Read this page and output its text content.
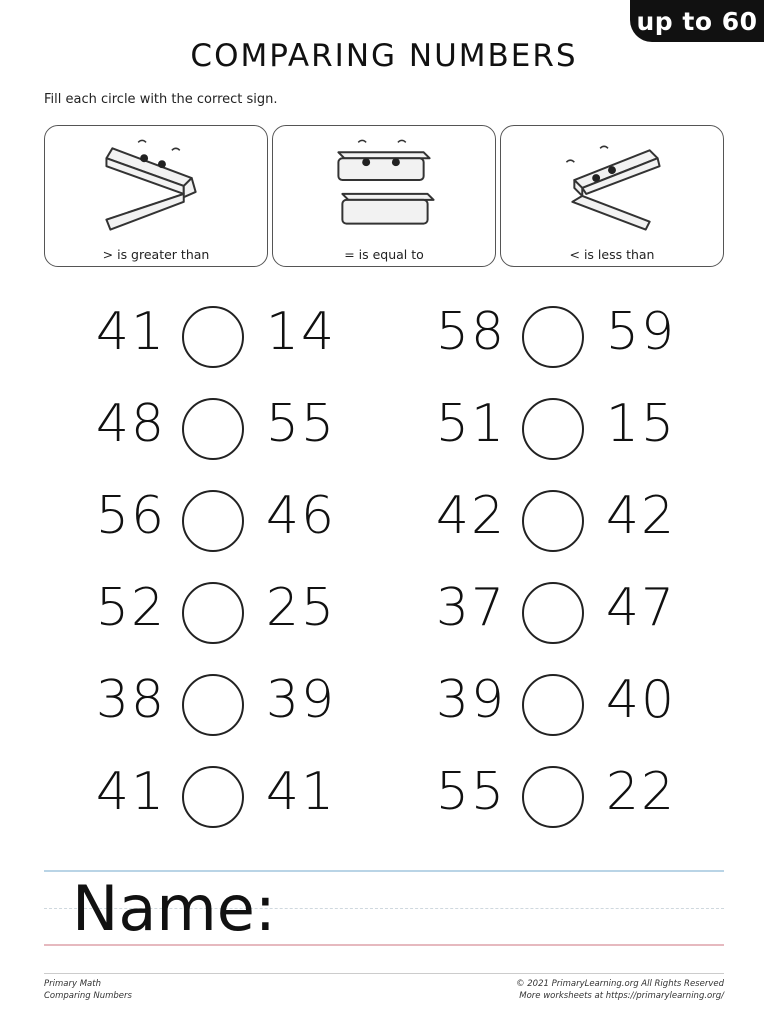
up to 60
COMPARING NUMBERS
Fill each circle with the correct sign.
> is greater than	= is equal to	< is less than
41 14 58 59
48 55 51 15
56 46 42 42
52 25 37 47
38 39 39 40
41 41 55 22
Name:
Primary Math
Comparing Numbers
© 2021 PrimaryLearning.org All Rights Reserved
More worksheets at https://primarylearning.org/
